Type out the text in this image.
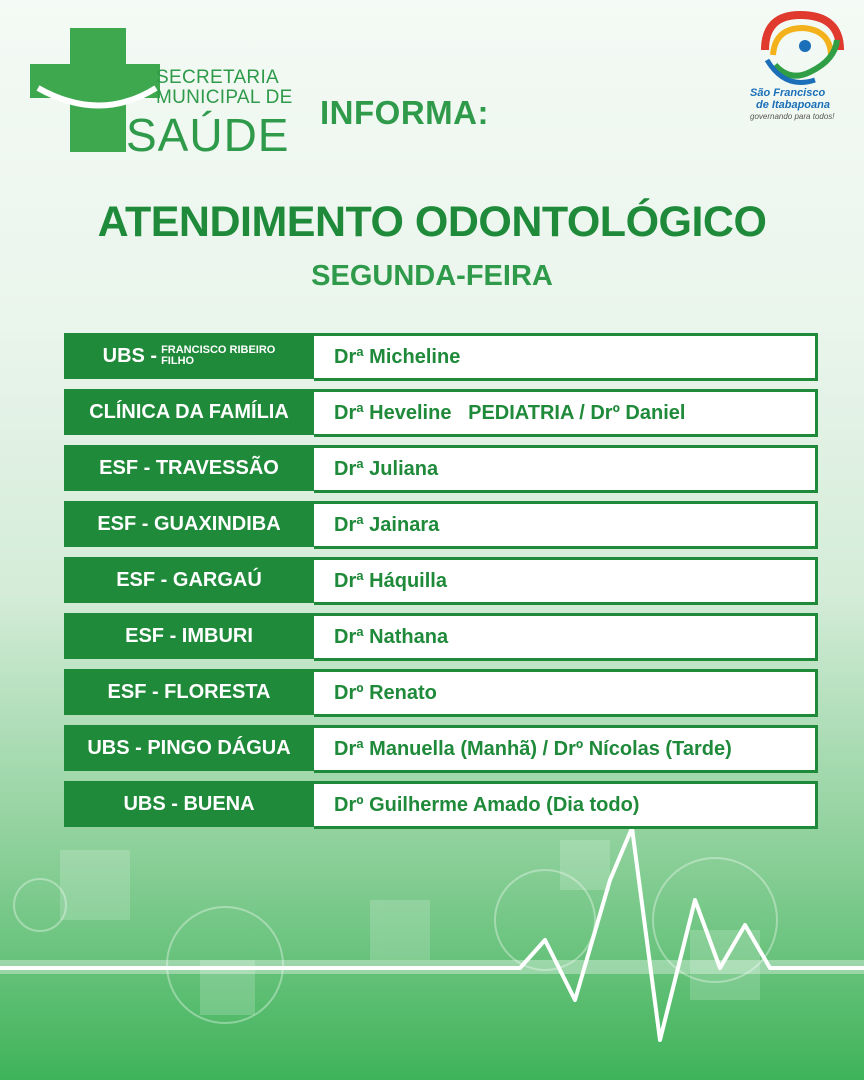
SECRETARIA
MUNICIPAL DE
SAÚDE INFORMA:
São Francisco
de Itabapoana
governando para todos!
ATENDIMENTO ODONTOLÓGICO
SEGUNDA-FEIRA
UBS - FRANCISCO RIBEIRO
FILHO	Drª Micheline
CLÍNICA DA FAMÍLIA	Drª Heveline   PEDIATRIA / Drº Daniel
ESF - TRAVESSÃO	Drª Juliana
ESF - GUAXINDIBA	Drª Jainara
ESF - GARGAÚ	Drª Háquilla
ESF - IMBURI	Drª Nathana
ESF - FLORESTA	Drº Renato
UBS - PINGO DÁGUA	Drª Manuella (Manhã) / Drº Nícolas (Tarde)
UBS - BUENA	Drº Guilherme Amado (Dia todo)
